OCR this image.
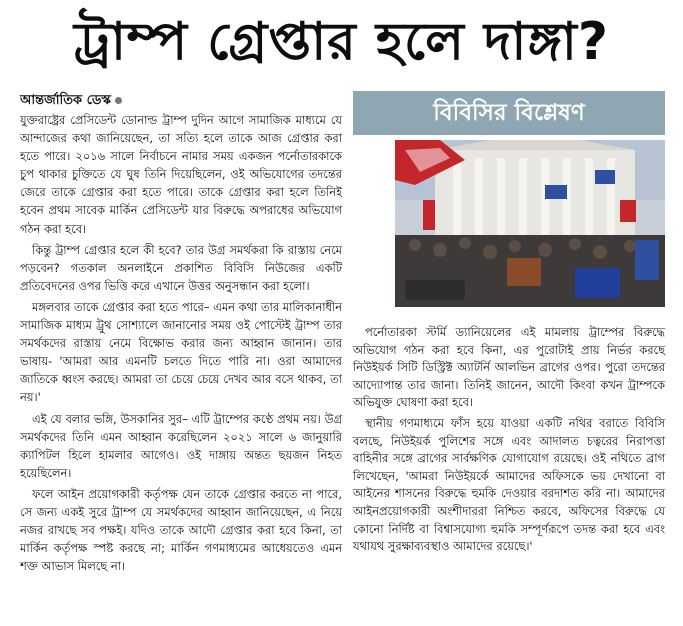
ট্রাম্প গ্রেপ্তার হলে দাঙ্গা?
আন্তর্জাতিক ডেস্ক

যুক্তরাষ্ট্রের প্রেসিডেন্ট ডোনাল্ড ট্রাম্প দুদিন আগে সামাজিক মাধ্যমে যে আন্দাজের কথা জানিয়েছেন, তা সত্যি হলে তাকে আজ গ্রেপ্তার করা হতে পারে। ২০১৬ সালে নির্বাচনে নামার সময় একজন পর্নোতারকাকে চুপ থাকার চুক্তিতে যে ঘুষ তিনি দিয়েছিলেন, ওই অভিযোগের তদন্তের জেরে তাকে গ্রেপ্তার করা হতে পারে। তাকে গ্রেপ্তার করা হলে তিনিই হবেন প্রথম সাবেক মার্কিন প্রেসিডেন্ট যার বিরুদ্ধে অপরাধের অভিযোগ গঠন করা হবে।

কিন্তু ট্রাম্প গ্রেপ্তার হলে কী হবে? তার উগ্র সমর্থকরা কি রাস্তায় নেমে পড়বেন? গতকাল অনলাইনে প্রকাশিত বিবিসি নিউজের একটি প্রতিবেদনের ওপর ভিত্তি করে এখানে উত্তর অনুসন্ধান করা হলো।

মঙ্গলবার তাকে গ্রেপ্তার করা হতে পারে– এমন কথা তার মালিকানাধীন সামাজিক মাধ্যম ট্রুথ সোশ্যালে জানানোর সময় ওই পোস্টেই ট্রাম্প তার সমর্থকদের রাস্তায় নেমে বিক্ষোভ করার জন্য আহ্বান জানান। তার ভাষায়- 'আমরা আর এমনটি চলতে দিতে পারি না। ওরা আমাদের জাতিকে ধ্বংস করছে। আমরা তা চেয়ে চেয়ে দেখব আর বসে থাকব, তা নয়।'

এই যে বলার ভঙ্গি, উসকানির সুর– এটি ট্রাম্পের কণ্ঠে প্রথম নয়। উগ্র সমর্থকদের তিনি এমন আহ্বান করেছিলেন ২০২১ সালে ৬ জানুয়ারি ক্যাপিটল হিলে হামলার আগেও। ওই দাঙ্গায় অন্তত ছয়জন নিহত হয়েছিলেন।

ফলে আইন প্রয়োগকারী কর্তৃপক্ষ যেন তাকে গ্রেপ্তার করতে না পারে, সে জন্য একই সুরে ট্রাম্প যে সমর্থকদের আহ্বান জানিয়েছেন, এ নিয়ে নজর রাখছে সব পক্ষই। যদিও তাকে আদৌ গ্রেপ্তার করা হবে কিনা, তা মার্কিন কর্তৃপক্ষ স্পষ্ট করছে না; মার্কিন গণমাধ্যমের আধেয়তেও এমন শক্ত আভাস মিলছে না।

বিবিসির বিশ্লেষণ

পর্নোতারকা স্টর্মি ড্যানিয়েলের এই মামলায় ট্রাম্পের বিরুদ্ধে অভিযোগ গঠন করা হবে কিনা, এর পুরোটাই প্রায় নির্ভর করছে নিউইয়র্ক সিটি ডিস্ট্রিক্ট অ্যাটর্নি আলভিন ব্রাগের ওপর। পুরো তদন্তের আদ্যোপান্ত তার জানা। তিনিই জানেন, আদৌ কিংবা কখন ট্রাম্পকে অভিযুক্ত ঘোষণা করা হবে।

স্থানীয় গণমাধ্যমে ফাঁস হয়ে যাওয়া একটি নথির বরাতে বিবিসি বলছে, নিউইয়র্ক পুলিশের সঙ্গে এবং আদালত চত্বরের নিরাপত্তা বাহিনীর সঙ্গে ব্রাগের সার্বক্ষণিক যোগাযোগ রয়েছে। ওই নথিতে ব্রাগ লিখেছেন, 'আমরা নিউইয়র্কে আমাদের অফিসকে ভয় দেখানো বা আইনের শাসনের বিরুদ্ধে হুমকি দেওয়ার বরদাশত করি না। আমাদের আইনপ্রয়োগকারী অংশীদাররা নিশ্চিত করবে, অফিসের বিরুদ্ধে যে কোনো নির্দিষ্ট বা বিশ্বাসযোগ্য হুমকি সম্পূর্ণরূপে তদন্ত করা হবে এবং যথাযথ সুরক্ষাব্যবস্থাও আমাদের রয়েছে।'
